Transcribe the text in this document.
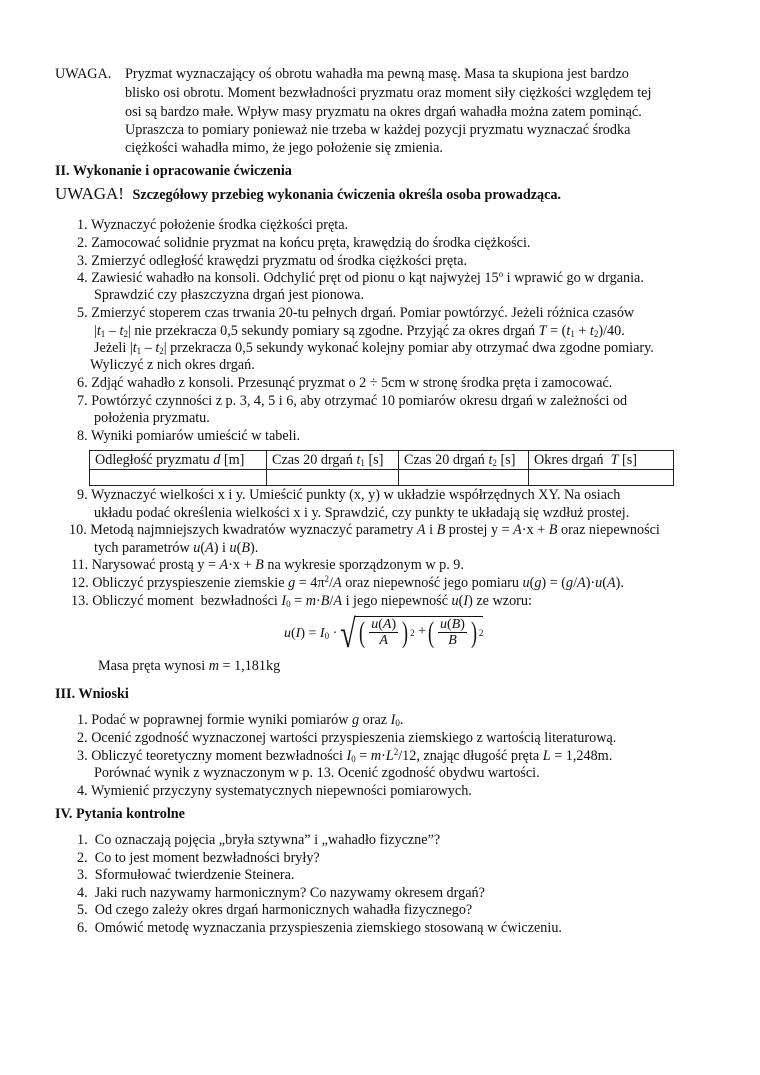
UWAGA. Pryzmat wyznaczający oś obrotu wahadła ma pewną masę. Masa ta skupiona jest bardzo
blisko osi obrotu. Moment bezwładności pryzmatu oraz moment siły ciężkości względem tej
osi są bardzo małe. Wpływ masy pryzmatu na okres drgań wahadła można zatem pominąć.
Upraszcza to pomiary ponieważ nie trzeba w każdej pozycji pryzmatu wyznaczać środka
ciężkości wahadła mimo, że jego położenie się zmienia.
II. Wykonanie i opracowanie ćwiczenia
UWAGA! Szczegółowy przebieg wykonania ćwiczenia określa osoba prowadząca.
1. Wyznaczyć położenie środka ciężkości pręta.
2. Zamocować solidnie pryzmat na końcu pręta, krawędzią do środka ciężkości.
3. Zmierzyć odległość krawędzi pryzmatu od środka ciężkości pręta.
4. Zawiesić wahadło na konsoli. Odchylić pręt od pionu o kąt najwyżej 15$^o$ i wprawić go w drgania.
Sprawdzić czy płaszczyzna drgań jest pionowa.
5. Zmierzyć stoperem czas trwania 20-tu pełnych drgań. Pomiar powtórzyć. Jeżeli różnica czasów
$|t_1 - t_2|$ nie przekracza 0,5 sekundy pomiary są zgodne. Przyjąć za okres drgań $T = (t_1 + t_2)/40$.
Jeżeli $|t_1 - t_2|$ przekracza 0,5 sekundy wykonać kolejny pomiar aby otrzymać dwa zgodne pomiary.
Wyliczyć z nich okres drgań.
6. Zdjąć wahadło z konsoli. Przesunąć pryzmat o 2 ÷ 5cm w stronę środka pręta i zamocować.
7. Powtórzyć czynności z p. 3, 4, 5 i 6, aby otrzymać 10 pomiarów okresu drgań w zależności od
położenia pryzmatu.
8. Wyniki pomiarów umieścić w tabeli.
Odległość pryzmatu d [m]	Czas 20 drgań $t_1$ [s]	Czas 20 drgań $t_2$ [s]	Okres drgań  T [s]

9. Wyznaczyć wielkości x i y. Umieścić punkty (x, y) w układzie współrzędnych XY. Na osiach
układu podać określenia wielkości x i y. Sprawdzić, czy punkty te układają się wzdłuż prostej.
10. Metodą najmniejszych kwadratów wyznaczyć parametry A i B prostej y = A·x + B oraz niepewności
tych parametrów u(A) i u(B).
11. Narysować prostą y = A·x + B na wykresie sporządzonym w p. 9.
12. Obliczyć przyspieszenie ziemskie $g = 4\pi^2/A$ oraz niepewność jego pomiaru u(g) = (g/A)·u(A).
13. Obliczyć moment  bezwładności $I_0 = m\cdot B/A$ i jego niepewność u(I) ze wzoru:
$u(I) = I_0$ · √ ( $\frac{u(A)}{A}$ ) 2 + ( $\frac{u(B)}{B}$ ) 2
Masa pręta wynosi m = 1,181kg
III. Wnioski
1. Podać w poprawnej formie wyniki pomiarów g oraz $I_0$.
2. Ocenić zgodność wyznaczonej wartości przyspieszenia ziemskiego z wartością literaturową.
3. Obliczyć teoretyczny moment bezwładności $I_0 = m\cdot L^2/12$, znając długość pręta L = 1,248m.
Porównać wynik z wyznaczonym w p. 13. Ocenić zgodność obydwu wartości.
4. Wymienić przyczyny systematycznych niepewności pomiarowych.
IV. Pytania kontrolne
1. Co oznaczają pojęcia „bryła sztywna” i „wahadło fizyczne”?
2. Co to jest moment bezwładności bryły?
3. Sformułować twierdzenie Steinera.
4. Jaki ruch nazywamy harmonicznym? Co nazywamy okresem drgań?
5. Od czego zależy okres drgań harmonicznych wahadła fizycznego?
6. Omówić metodę wyznaczania przyspieszenia ziemskiego stosowaną w ćwiczeniu.
